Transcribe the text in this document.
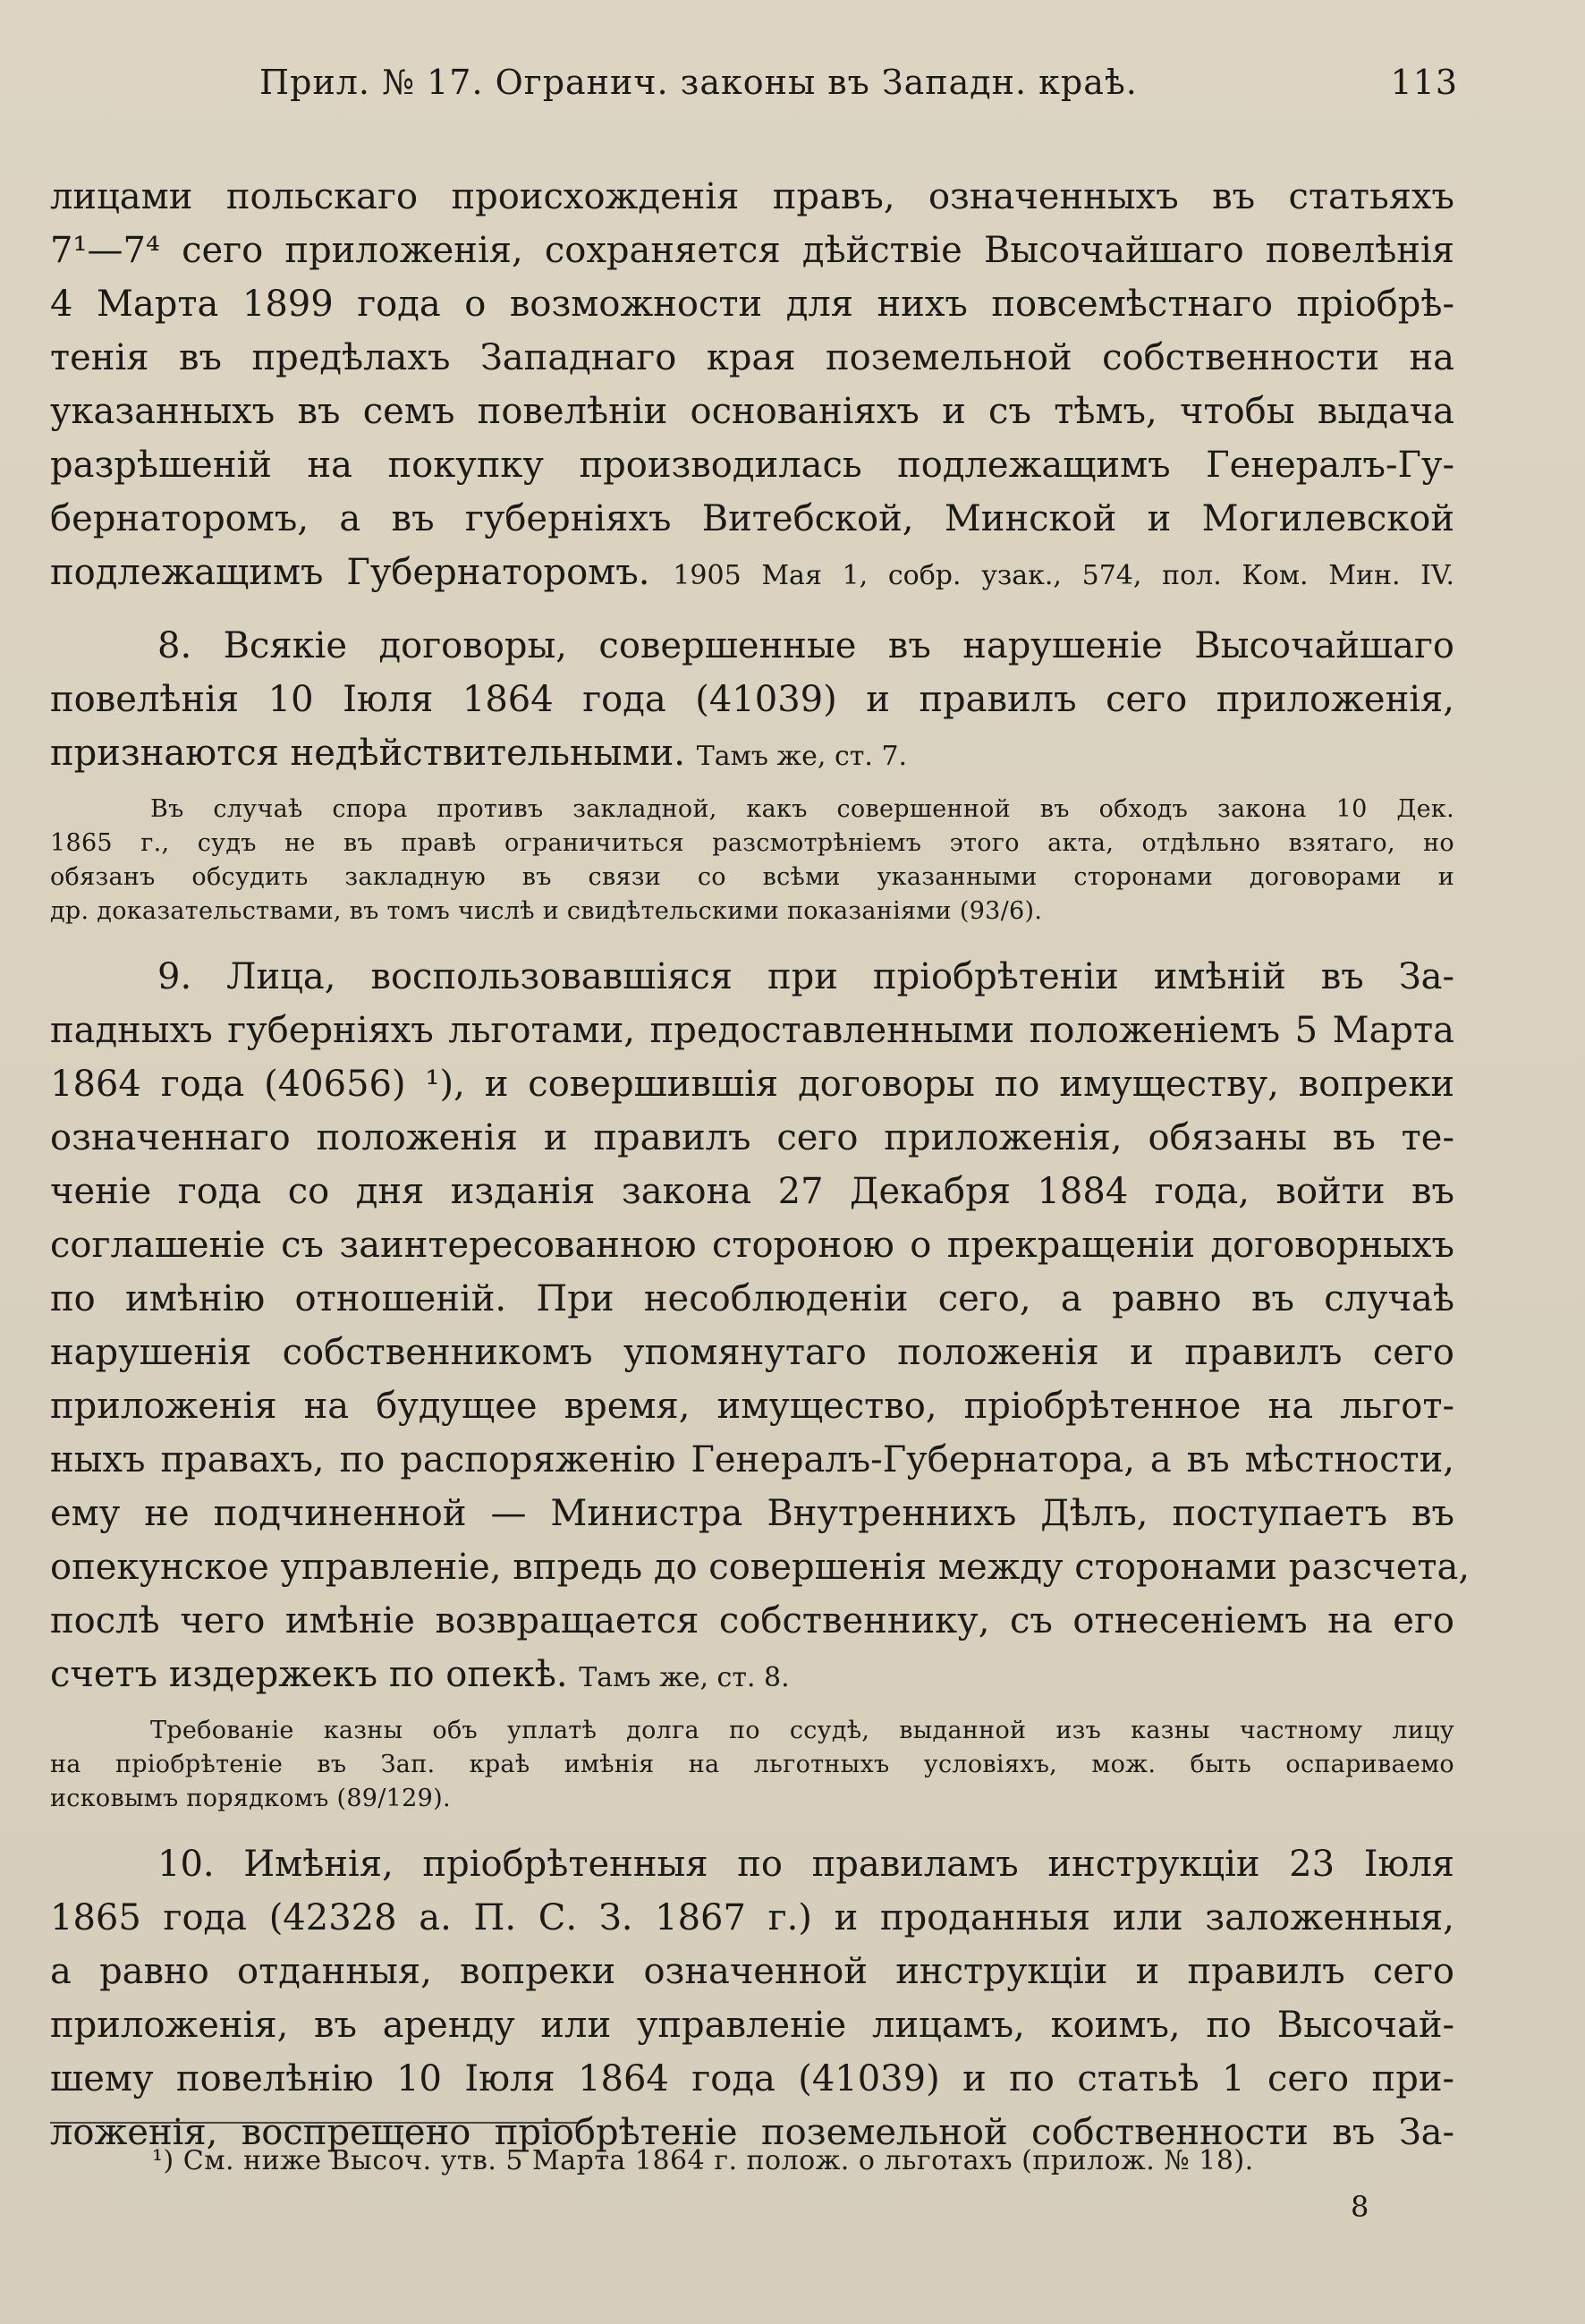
Прил. № 17. Огранич. законы въ Западн. краѣ.	113
лицами польскаго происхожденія правъ, означенныхъ въ статьяхъ
7¹—7⁴ сего приложенія, сохраняется дѣйствіе Высочайшаго повелѣнія
4 Марта 1899 года о возможности для нихъ повсемѣстнаго пріобрѣ-
тенія въ предѣлахъ Западнаго края поземельной собственности на
указанныхъ въ семъ повелѣніи основаніяхъ и съ тѣмъ, чтобы выдача
разрѣшеній на покупку производилась подлежащимъ Генералъ-Гу-
бернаторомъ, а въ губерніяхъ Витебской, Минской и Могилевской
подлежащимъ Губернаторомъ. 1905 Мая 1, собр. узак., 574, пол. Ком. Мин. IV.
8. Всякіе договоры, совершенные въ нарушеніе Высочайшаго
повелѣнія 10 Іюля 1864 года (41039) и правилъ сего приложенія,
признаются недѣйствительными. Тамъ же, ст. 7.
Въ случаѣ спора противъ закладной, какъ совершенной въ обходъ закона 10 Дек.
1865 г., судъ не въ правѣ ограничиться разсмотрѣніемъ этого акта, отдѣльно взятаго, но
обязанъ обсудить закладную въ связи со всѣми указанными сторонами договорами и
др. доказательствами, въ томъ числѣ и свидѣтельскими показаніями (93/6).
9. Лица, воспользовавшіяся при пріобрѣтеніи имѣній въ За-
падныхъ губерніяхъ льготами, предоставленными положеніемъ 5 Марта
1864 года (40656) ¹), и совершившія договоры по имуществу, вопреки
означеннаго положенія и правилъ сего приложенія, обязаны въ те-
ченіе года со дня изданія закона 27 Декабря 1884 года, войти въ
соглашеніе съ заинтересованною стороною о прекращеніи договорныхъ
по имѣнію отношеній. При несоблюденіи сего, а равно въ случаѣ
нарушенія собственникомъ упомянутаго положенія и правилъ сего
приложенія на будущее время, имущество, пріобрѣтенное на льгот-
ныхъ правахъ, по распоряженію Генералъ-Губернатора, а въ мѣстности,
ему не подчиненной — Министра Внутреннихъ Дѣлъ, поступаетъ въ
опекунское управленіе, впредь до совершенія между сторонами разсчета,
послѣ чего имѣніе возвращается собственнику, съ отнесеніемъ на его
счетъ издержекъ по опекѣ. Тамъ же, ст. 8.
Требованіе казны объ уплатѣ долга по ссудѣ, выданной изъ казны частному лицу
на пріобрѣтеніе въ Зап. краѣ имѣнія на льготныхъ условіяхъ, мож. быть оспариваемо
исковымъ порядкомъ (89/129).
10. Имѣнія, пріобрѣтенныя по правиламъ инструкціи 23 Іюля
1865 года (42328 а. П. С. З. 1867 г.) и проданныя или заложенныя,
а равно отданныя, вопреки означенной инструкціи и правилъ сего
приложенія, въ аренду или управленіе лицамъ, коимъ, по Высочай-
шему повелѣнію 10 Іюля 1864 года (41039) и по статьѣ 1 сего при-
ложенія, воспрещено пріобрѣтеніе поземельной собственности въ За-
¹) См. ниже Высоч. утв. 5 Марта 1864 г. полож. о льготахъ (прилож. № 18).
8
